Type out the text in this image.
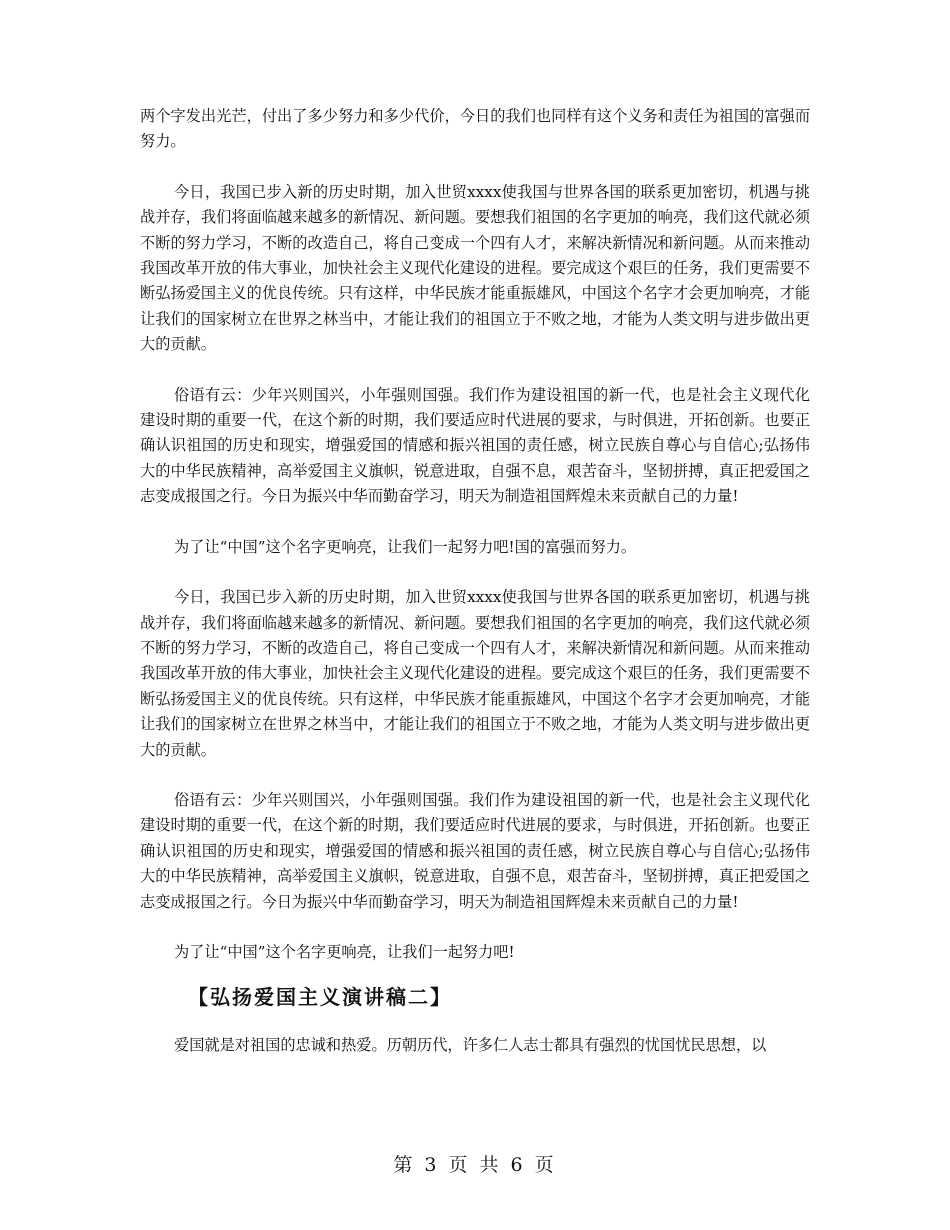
两个字发出光芒，付出了多少努力和多少代价，今日的我们也同样有这个义务和责任为祖国的富强而努力。

今日，我国已步入新的历史时期，加入世贸xxxx使我国与世界各国的联系更加密切，机遇与挑战并存，我们将面临越来越多的新情况、新问题。要想我们祖国的名字更加的响亮，我们这代就必须不断的努力学习，不断的改造自己，将自己变成一个四有人才，来解决新情况和新问题。从而来推动我国改革开放的伟大事业，加快社会主义现代化建设的进程。要完成这个艰巨的任务，我们更需要不断弘扬爱国主义的优良传统。只有这样，中华民族才能重振雄风，中国这个名字才会更加响亮，才能让我们的国家树立在世界之林当中，才能让我们的祖国立于不败之地，才能为人类文明与进步做出更大的贡献。

俗语有云：少年兴则国兴，小年强则国强。我们作为建设祖国的新一代，也是社会主义现代化建设时期的重要一代，在这个新的时期，我们要适应时代进展的要求，与时俱进，开拓创新。也要正确认识祖国的历史和现实，增强爱国的情感和振兴祖国的责任感，树立民族自尊心与自信心;弘扬伟大的中华民族精神，高举爱国主义旗帜，锐意进取，自强不息，艰苦奋斗，坚韧拼搏，真正把爱国之志变成报国之行。今日为振兴中华而勤奋学习，明天为制造祖国辉煌未来贡献自己的力量!

为了让“中国”这个名字更响亮，让我们一起努力吧!国的富强而努力。

今日，我国已步入新的历史时期，加入世贸xxxx使我国与世界各国的联系更加密切，机遇与挑战并存，我们将面临越来越多的新情况、新问题。要想我们祖国的名字更加的响亮，我们这代就必须不断的努力学习，不断的改造自己，将自己变成一个四有人才，来解决新情况和新问题。从而来推动我国改革开放的伟大事业，加快社会主义现代化建设的进程。要完成这个艰巨的任务，我们更需要不断弘扬爱国主义的优良传统。只有这样，中华民族才能重振雄风，中国这个名字才会更加响亮，才能让我们的国家树立在世界之林当中，才能让我们的祖国立于不败之地，才能为人类文明与进步做出更大的贡献。

俗语有云：少年兴则国兴，小年强则国强。我们作为建设祖国的新一代，也是社会主义现代化建设时期的重要一代，在这个新的时期，我们要适应时代进展的要求，与时俱进，开拓创新。也要正确认识祖国的历史和现实，增强爱国的情感和振兴祖国的责任感，树立民族自尊心与自信心;弘扬伟大的中华民族精神，高举爱国主义旗帜，锐意进取，自强不息，艰苦奋斗，坚韧拼搏，真正把爱国之志变成报国之行。今日为振兴中华而勤奋学习，明天为制造祖国辉煌未来贡献自己的力量!

为了让“中国”这个名字更响亮，让我们一起努力吧!

【弘扬爱国主义演讲稿二】

爱国就是对祖国的忠诚和热爱。历朝历代，许多仁人志士都具有强烈的忧国忧民思想，以

第 3 页 共 6 页
